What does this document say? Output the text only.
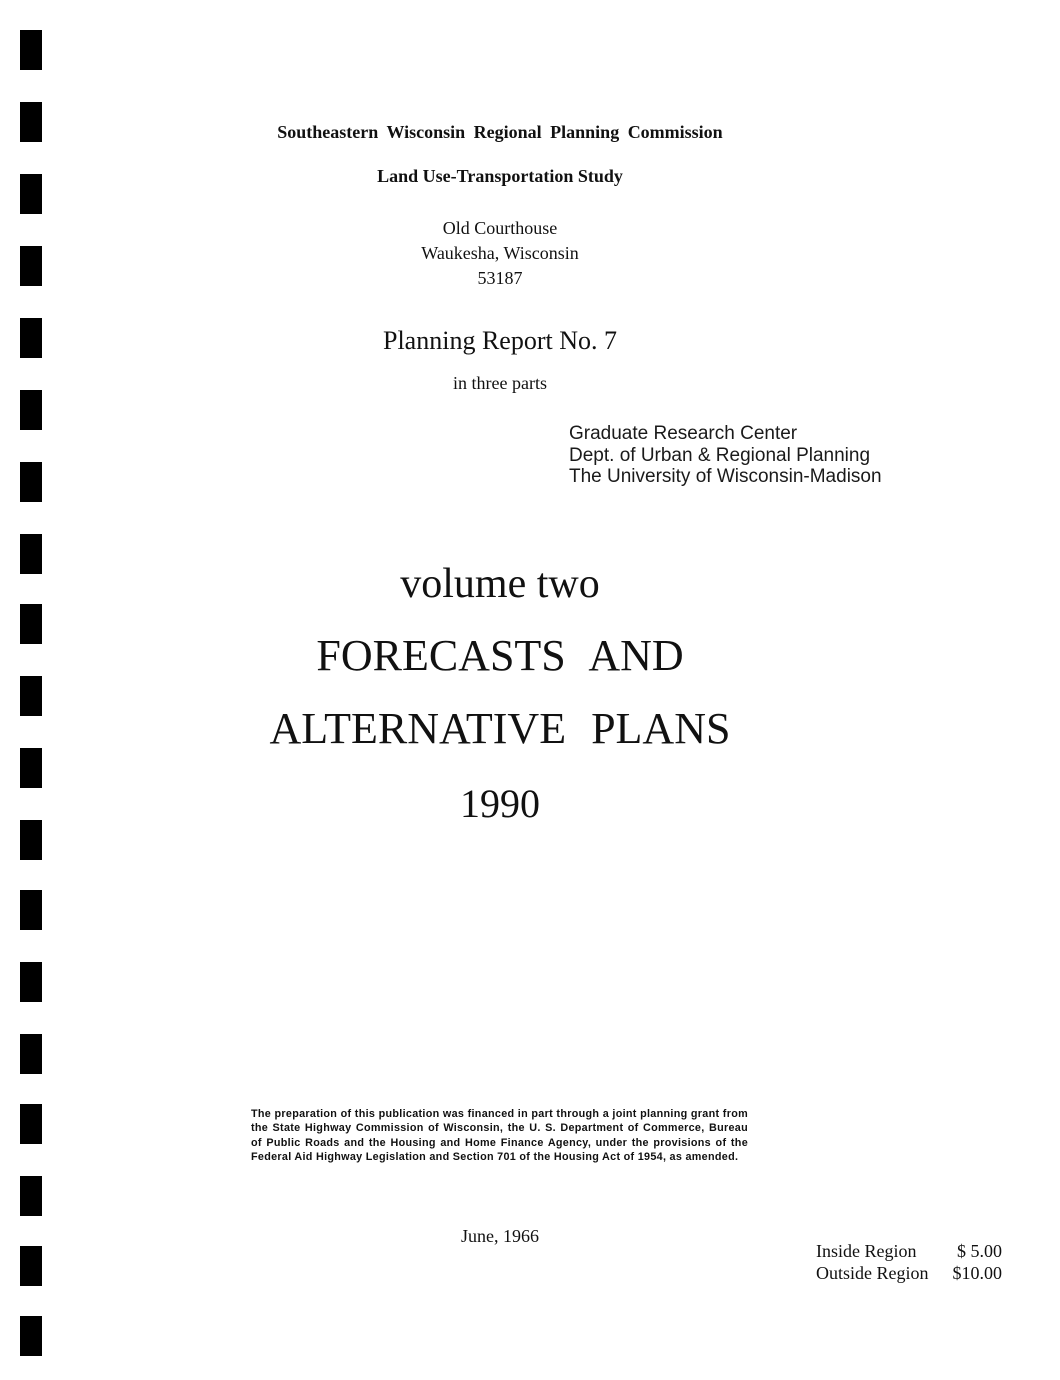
Southeastern Wisconsin Regional Planning Commission
Land Use-Transportation Study
Old Courthouse
Waukesha, Wisconsin
53187
Planning Report No. 7
in three parts
Graduate Research Center
Dept. of Urban & Regional Planning
The University of Wisconsin-Madison
volume two
FORECASTS AND
ALTERNATIVE PLANS
1990
The preparation of this publication was financed in part through a joint planning grant from the State Highway Commission of Wisconsin, the U. S. Department of Commerce, Bureau of Public Roads and the Housing and Home Finance Agency, under the provisions of the Federal Aid Highway Legislation and Section 701 of the Housing Act of 1954, as amended.
June, 1966
Inside Region $ 5.00
Outside Region $10.00
